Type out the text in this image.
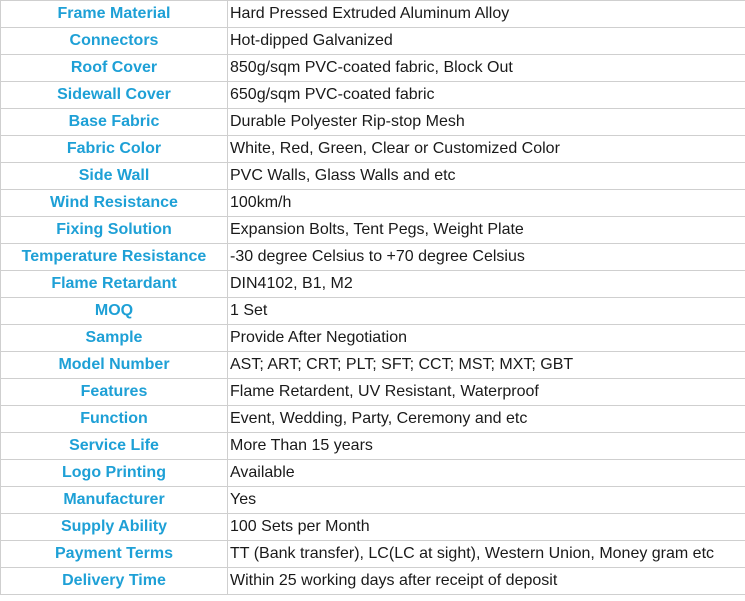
Frame Material	Hard Pressed Extruded Aluminum Alloy
Connectors	Hot-dipped Galvanized
Roof Cover	850g/sqm PVC-coated fabric, Block Out
Sidewall Cover	650g/sqm PVC-coated fabric
Base Fabric	Durable Polyester Rip-stop Mesh
Fabric Color	White, Red, Green, Clear or Customized Color
Side Wall	PVC Walls, Glass Walls and etc
Wind Resistance	100km/h
Fixing Solution	Expansion Bolts, Tent Pegs, Weight Plate
Temperature Resistance	-30 degree Celsius to +70 degree Celsius
Flame Retardant	DIN4102, B1, M2
MOQ	1 Set
Sample	Provide After Negotiation
Model Number	AST; ART; CRT; PLT; SFT; CCT; MST; MXT; GBT
Features	Flame Retardent, UV Resistant, Waterproof
Function	Event, Wedding, Party, Ceremony and etc
Service Life	More Than 15 years
Logo Printing	Available
Manufacturer	Yes
Supply Ability	100 Sets per Month
Payment Terms	TT (Bank transfer), LC(LC at sight), Western Union, Money gram etc
Delivery Time	Within 25 working days after receipt of deposit
